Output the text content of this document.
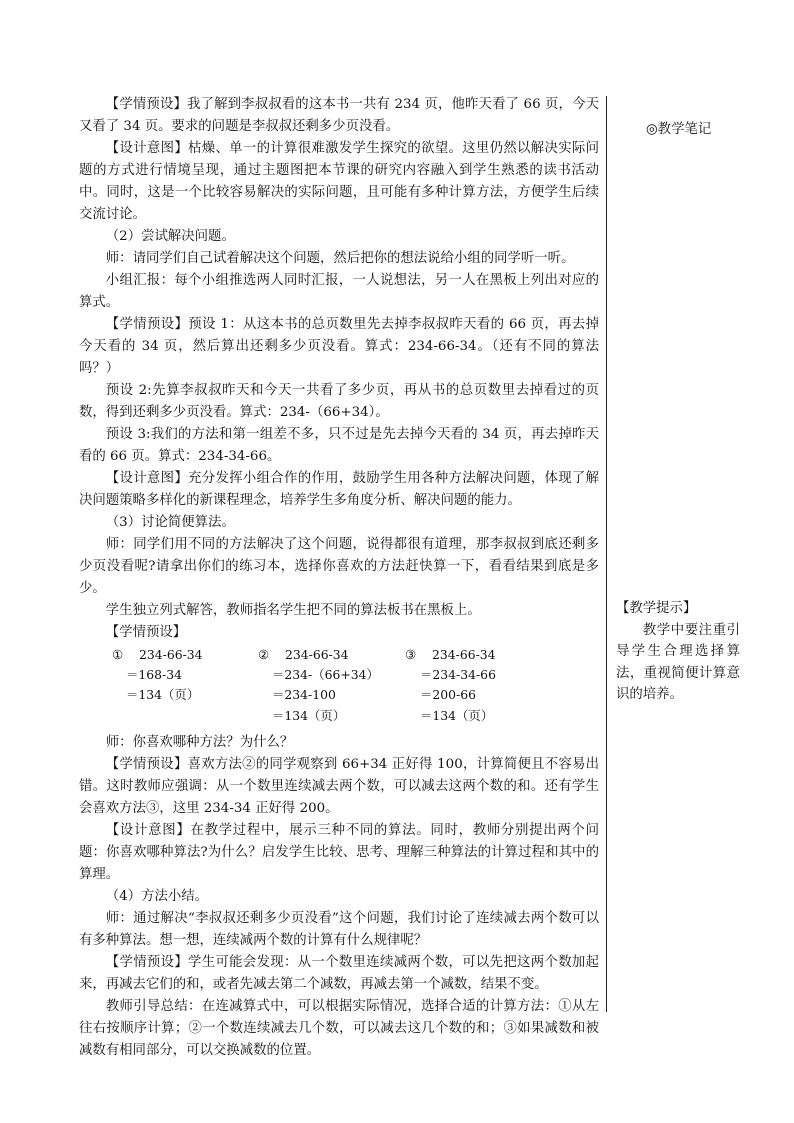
【学情预设】我了解到李叔叔看的这本书一共有 234 页，他昨天看了 66 页，今天又看了 34 页。要求的问题是李叔叔还剩多少页没看。

【设计意图】枯燥、单一的计算很难激发学生探究的欲望。这里仍然以解决实际问题的方式进行情境呈现，通过主题图把本节课的研究内容融入到学生熟悉的读书活动中。同时，这是一个比较容易解决的实际问题，且可能有多种计算方法，方便学生后续交流讨论。

（2）尝试解决问题。

师：请同学们自己试着解决这个问题，然后把你的想法说给小组的同学听一听。

小组汇报：每个小组推选两人同时汇报，一人说想法，另一人在黑板上列出对应的算式。

【学情预设】预设 1：从这本书的总页数里先去掉李叔叔昨天看的 66 页，再去掉今天看的 34 页，然后算出还剩多少页没看。算式：234-66-34。（还有不同的算法吗？）

预设 2:先算李叔叔昨天和今天一共看了多少页，再从书的总页数里去掉看过的页数，得到还剩多少页没看。算式：234-（66+34）。

预设 3:我们的方法和第一组差不多，只不过是先去掉今天看的 34 页，再去掉昨天看的 66 页。算式：234-34-66。

【设计意图】充分发挥小组合作的作用，鼓励学生用各种方法解决问题，体现了解决问题策略多样化的新课程理念，培养学生多角度分析、解决问题的能力。

（3）讨论简便算法。

师：同学们用不同的方法解决了这个问题，说得都很有道理，那李叔叔到底还剩多少页没看呢?请拿出你们的练习本，选择你喜欢的方法赶快算一下，看看结果到底是多少。

学生独立列式解答，教师指名学生把不同的算法板书在黑板上。

【学情预设】

① 234-66-34
＝168-34
＝134（页）
② 234-66-34
＝234-（66+34）
＝234-100
＝134（页）
③ 234-66-34
＝234-34-66
＝200-66
＝134（页）

师：你喜欢哪种方法？为什么？

【学情预设】喜欢方法②的同学观察到 66+34 正好得 100，计算简便且不容易出错。这时教师应强调：从一个数里连续减去两个数，可以减去这两个数的和。还有学生会喜欢方法③，这里 234-34 正好得 200。

【设计意图】在教学过程中，展示三种不同的算法。同时，教师分别提出两个问题：你喜欢哪种算法?为什么？启发学生比较、思考、理解三种算法的计算过程和其中的算理。

（4）方法小结。

师：通过解决“李叔叔还剩多少页没看”这个问题，我们讨论了连续减去两个数可以有多种算法。想一想，连续减两个数的计算有什么规律呢？

【学情预设】学生可能会发现：从一个数里连续减两个数，可以先把这两个数加起来，再减去它们的和，或者先减去第二个减数，再减去第一个减数，结果不变。

教师引导总结：在连减算式中，可以根据实际情况，选择合适的计算方法：①从左往右按顺序计算；②一个数连续减去几个数，可以减去这几个数的和；③如果减数和被减数有相同部分，可以交换减数的位置。

◎教学笔记

【教学提示】

教学中要注重引导学生合理选择算法，重视简便计算意识的培养。
